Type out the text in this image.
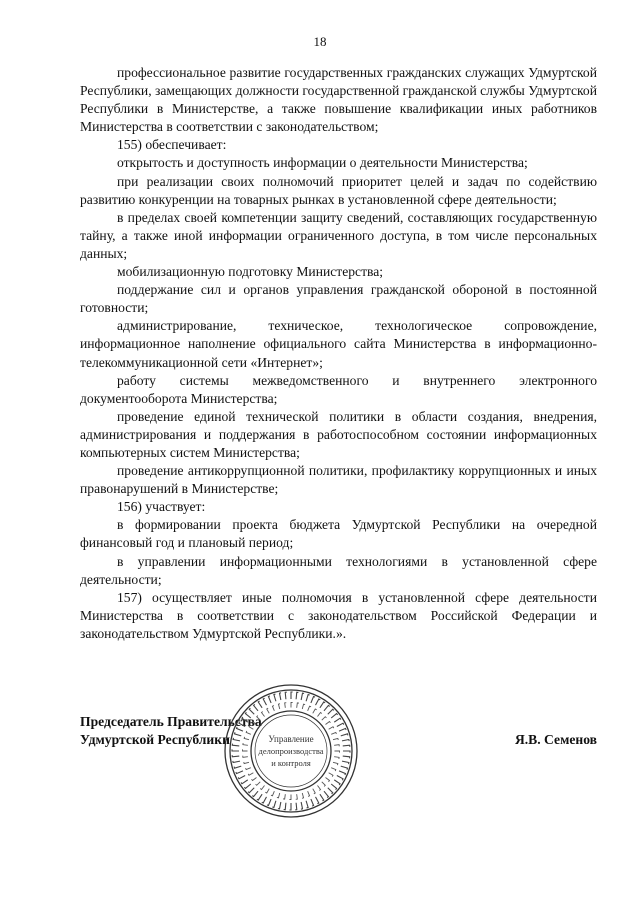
18

профессиональное развитие государственных гражданских служащих Удмуртской Республики, замещающих должности государственной гражданской службы Удмуртской Республики в Министерстве, а также повышение квалификации иных работников Министерства в соответствии с законодательством;

155) обеспечивает:

открытость и доступность информации о деятельности Министерства;

при реализации своих полномочий приоритет целей и задач по содействию развитию конкуренции на товарных рынках в установленной сфере деятельности;

в пределах своей компетенции защиту сведений, составляющих государственную тайну, а также иной информации ограниченного доступа, в том числе персональных данных;

мобилизационную подготовку Министерства;

поддержание сил и органов управления гражданской обороной в постоянной готовности;

администрирование, техническое, технологическое сопровождение, информационное наполнение официального сайта Министерства в информационно-телекоммуникационной сети «Интернет»;

работу системы межведомственного и внутреннего электронного документооборота Министерства;

проведение единой технической политики в области создания, внедрения, администрирования и поддержания в работоспособном состоянии информационных компьютерных систем Министерства;

проведение антикоррупционной политики, профилактику коррупционных и иных правонарушений в Министерстве;

156) участвует:

в формировании проекта бюджета Удмуртской Республики на очередной финансовый год и плановый период;

в управлении информационными технологиями в установленной сфере деятельности;

157) осуществляет иные полномочия в установленной сфере деятельности Министерства в соответствии с законодательством Российской Федерации и законодательством Удмуртской Республики.».

Председатель Правительства
Удмуртской Республики	Я.В. Семенов
Управление
делопроизводства
и контроля
